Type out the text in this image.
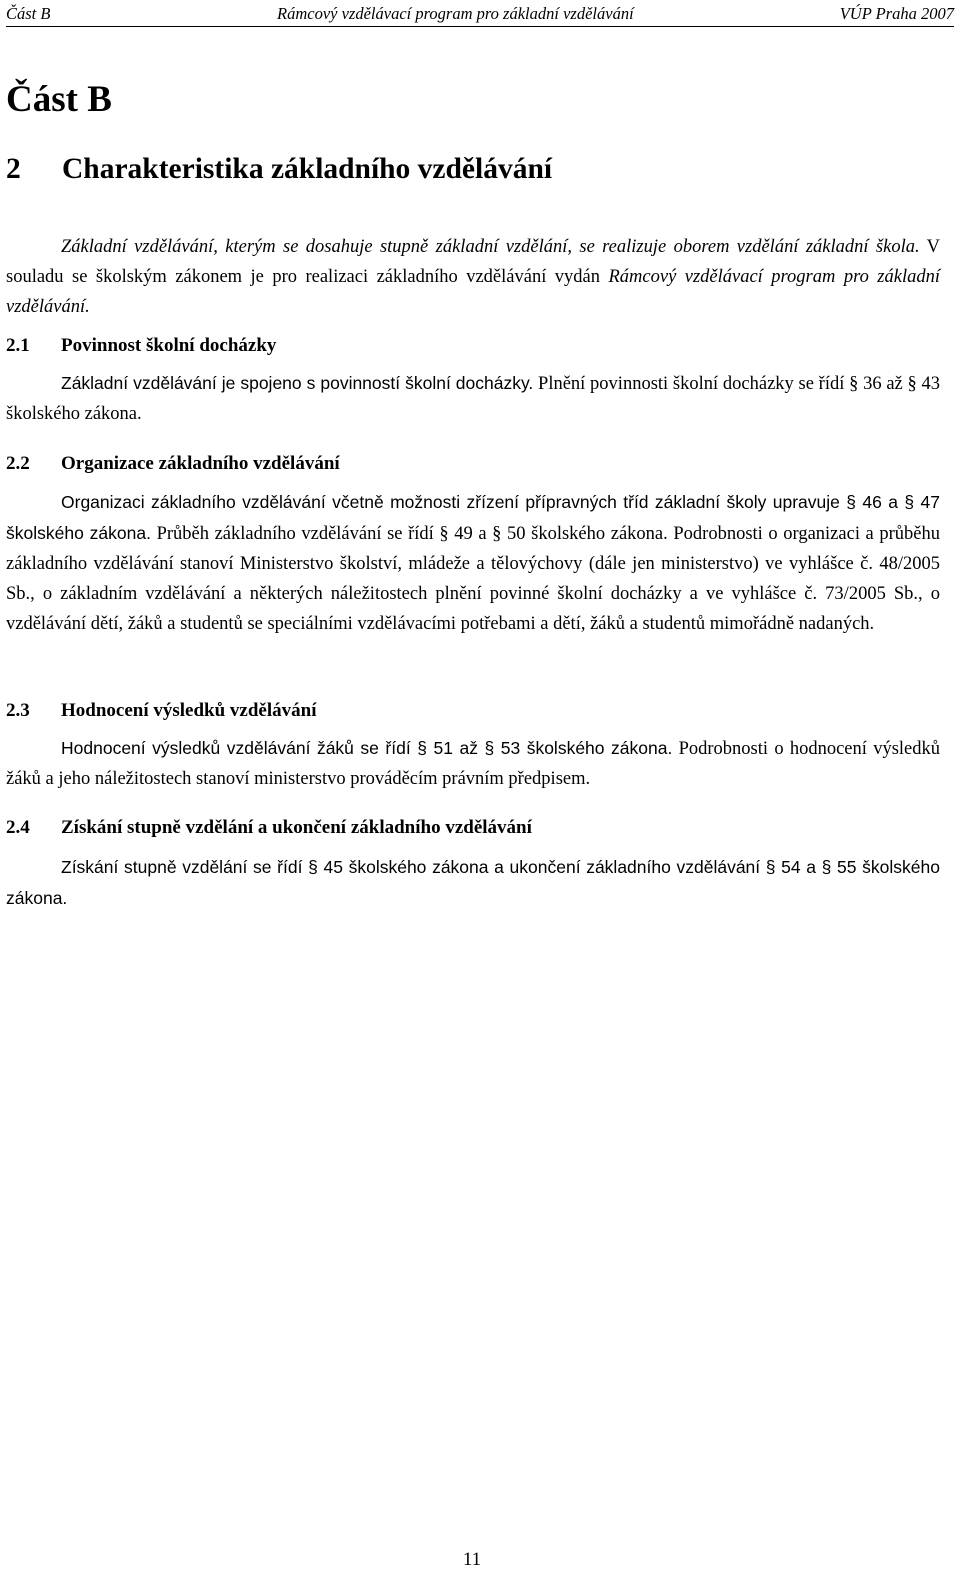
Část B	Rámcový vzdělávací program pro základní vzdělávání	VÚP Praha 2007
Část B
2 Charakteristika základního vzdělávání
Základní vzdělávání, kterým se dosahuje stupně základní vzdělání, se realizuje oborem vzdělání základní škola. V souladu se školským zákonem je pro realizaci základního vzdělávání vydán Rámcový vzdělávací program pro základní vzdělávání.
2.1 Povinnost školní docházky
Základní vzdělávání je spojeno s povinností školní docházky. Plnění povinnosti školní docházky se řídí § 36 až § 43 školského zákona.
2.2 Organizace základního vzdělávání
Organizaci základního vzdělávání včetně možnosti zřízení přípravných tříd základní školy upravuje § 46 a § 47 školského zákona. Průběh základního vzdělávání se řídí § 49 a § 50 školského zákona. Podrobnosti o organizaci a průběhu základního vzdělávání stanoví Ministerstvo školství, mládeže a tělovýchovy (dále jen ministerstvo) ve vyhlášce č. 48/2005 Sb., o základním vzdělávání a některých náležitostech plnění povinné školní docházky a ve vyhlášce č. 73/2005 Sb., o vzdělávání dětí, žáků a studentů se speciálními vzdělávacími potřebami a dětí, žáků a studentů mimořádně nadaných.
2.3 Hodnocení výsledků vzdělávání
Hodnocení výsledků vzdělávání žáků se řídí § 51 až § 53 školského zákona. Podrobnosti o hodnocení výsledků žáků a jeho náležitostech stanoví ministerstvo prováděcím právním předpisem.
2.4 Získání stupně vzdělání a ukončení základního vzdělávání
Získání stupně vzdělání se řídí § 45 školského zákona a ukončení základního vzdělávání § 54 a § 55 školského zákona.
11
